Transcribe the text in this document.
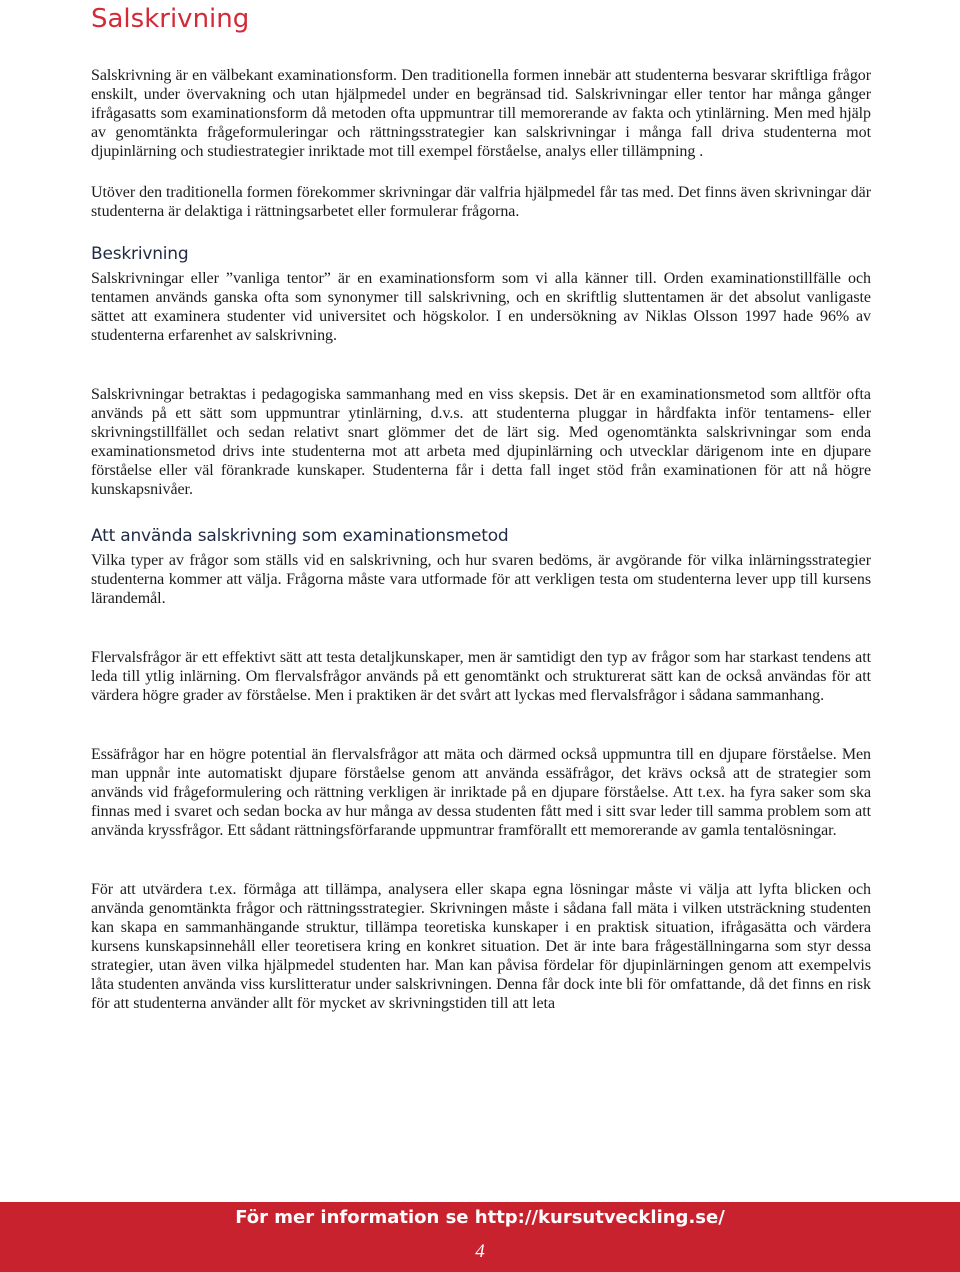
Salskrivning

Salskrivning är en välbekant examinationsform. Den traditionella formen innebär att studenterna besvarar skriftliga frågor enskilt, under övervakning och utan hjälpmedel under en begränsad tid. Salskrivningar eller tentor har många gånger ifrågasatts som examinationsform då metoden ofta uppmuntrar till memorerande av fakta och ytinlärning. Men med hjälp av genomtänkta frågeformuleringar och rättningsstrategier kan salskrivningar i många fall driva studenterna mot djupinlärning och studiestrategier inriktade mot till exempel förståelse, analys eller tillämpning .

Utöver den traditionella formen förekommer skrivningar där valfria hjälpmedel får tas med. Det finns även skrivningar där studenterna är delaktiga i rättningsarbetet eller formulerar frågorna.

Beskrivning

Salskrivningar eller ”vanliga tentor” är en examinationsform som vi alla känner till. Orden examinationstillfälle och tentamen används ganska ofta som synonymer till salskrivning, och en skriftlig sluttentamen är det absolut vanligaste sättet att examinera studenter vid universitet och högskolor. I en undersökning av Niklas Olsson 1997 hade 96% av studenterna erfarenhet av salskrivning.

Salskrivningar betraktas i pedagogiska sammanhang med en viss skepsis. Det är en examinationsmetod som alltför ofta används på ett sätt som uppmuntrar ytinlärning, d.v.s. att studenterna pluggar in hårdfakta inför tentamens- eller skrivningstillfället och sedan relativt snart glömmer det de lärt sig. Med ogenomtänkta salskrivningar som enda examinationsmetod drivs inte studenterna mot att arbeta med djupinlärning och utvecklar därigenom inte en djupare förståelse eller väl förankrade kunskaper. Studenterna får i detta fall inget stöd från examinationen för att nå högre kunskapsnivåer.

Att använda salskrivning som examinationsmetod

Vilka typer av frågor som ställs vid en salskrivning, och hur svaren bedöms, är avgörande för vilka inlärningsstrategier studenterna kommer att välja. Frågorna måste vara utformade för att verkligen testa om studenterna lever upp till kursens lärandemål.

Flervalsfrågor är ett effektivt sätt att testa detaljkunskaper, men är samtidigt den typ av frågor som har starkast tendens att leda till ytlig inlärning. Om flervalsfrågor används på ett genomtänkt och strukturerat sätt kan de också användas för att värdera högre grader av förståelse. Men i praktiken är det svårt att lyckas med flervalsfrågor i sådana sammanhang.

Essäfrågor har en högre potential än flervalsfrågor att mäta och därmed också uppmuntra till en djupare förståelse. Men man uppnår inte automatiskt djupare förståelse genom att använda essäfrågor, det krävs också att de strategier som används vid frågeformulering och rättning verkligen är inriktade på en djupare förståelse. Att t.ex. ha fyra saker som ska finnas med i svaret och sedan bocka av hur många av dessa studenten fått med i sitt svar leder till samma problem som att använda kryssfrågor. Ett sådant rättningsförfarande uppmuntrar framförallt ett memorerande av gamla tentalösningar.

För att utvärdera t.ex. förmåga att tillämpa, analysera eller skapa egna lösningar måste vi välja att lyfta blicken och använda genomtänkta frågor och rättningsstrategier. Skrivningen måste i sådana fall mäta i vilken utsträckning studenten kan skapa en sammanhängande struktur, tillämpa teoretiska kunskaper i en praktisk situation, ifrågasätta och värdera kursens kunskapsinnehåll eller teoretisera kring en konkret situation. Det är inte bara frågeställningarna som styr dessa strategier, utan även vilka hjälpmedel studenten har. Man kan påvisa fördelar för djupinlärningen genom att exempelvis låta studenten använda viss kurslitteratur under salskrivningen. Denna får dock inte bli för omfattande, då det finns en risk för att studenterna använder allt för mycket av skrivningstiden till att leta

För mer information se http://kursutveckling.se/
4
